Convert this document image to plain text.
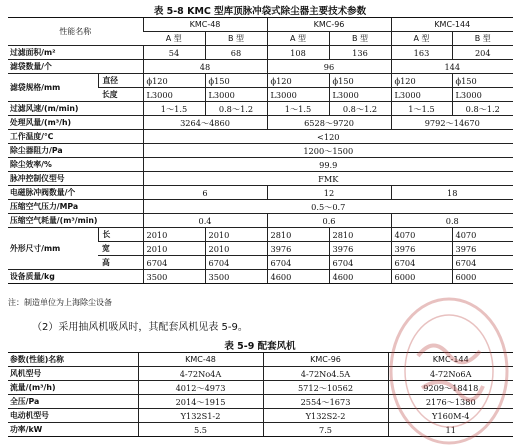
表 5-8 KMC 型库顶脉冲袋式除尘器主要技术参数
性能名称		KMC-48		KMC-96		KMC-144	
		A 型	B 型	A 型	B 型	A 型	B 型
过滤面积/m²		54	68	108	136	163	204
滤袋数量/个		48		96		144	
滤袋规格/mm	直径	ϕ120	ϕ150	ϕ120	ϕ150	ϕ120	ϕ150
	长度	L3000	L3000	L3000	L3000	L3000	L3000
过滤风速/(m/min)		1～1.5	0.8～1.2	1～1.5	0.8～1.2	1～1.5	0.8～1.2
处理风量/(m³/h)		3264～4860		6528～9720		9792～14670	
工作温度/℃		<120					
除尘器阻力/Pa		1200～1500					
除尘效率/%		99.9					
脉冲控制仪型号		FMK					
电磁脉冲阀数量/个		6		12		18	
压缩空气压力/MPa		0.5～0.7					
压缩空气耗量/(m³/min)		0.4		0.6		0.8	
外形尺寸/mm	长	2010	2010	2810	2810	4070	4070
	宽	2010	2010	3976	3976	3976	3976
	高	6704	6704	6704	6704	6704	6704
设备质量/kg		3500	3500	4600	4600	6000	6000
注：制造单位为上海除尘设备
（2）采用抽风机吸风时，其配套风机见表 5-9。
表 5-9 配套风机
参数(性能)名称	KMC-48	KMC-96	KMC-144
风机型号	4-72No4A	4-72No4.5A	4-72No6A
流量/(m³/h)	4012～4973	5712～10562	9209～18418
全压/Pa	2014～1915	2554～1673	2176～1380
电动机型号	Y132S1-2	Y132S2-2	Y160M-4
功率/kW	5.5	7.5	11
